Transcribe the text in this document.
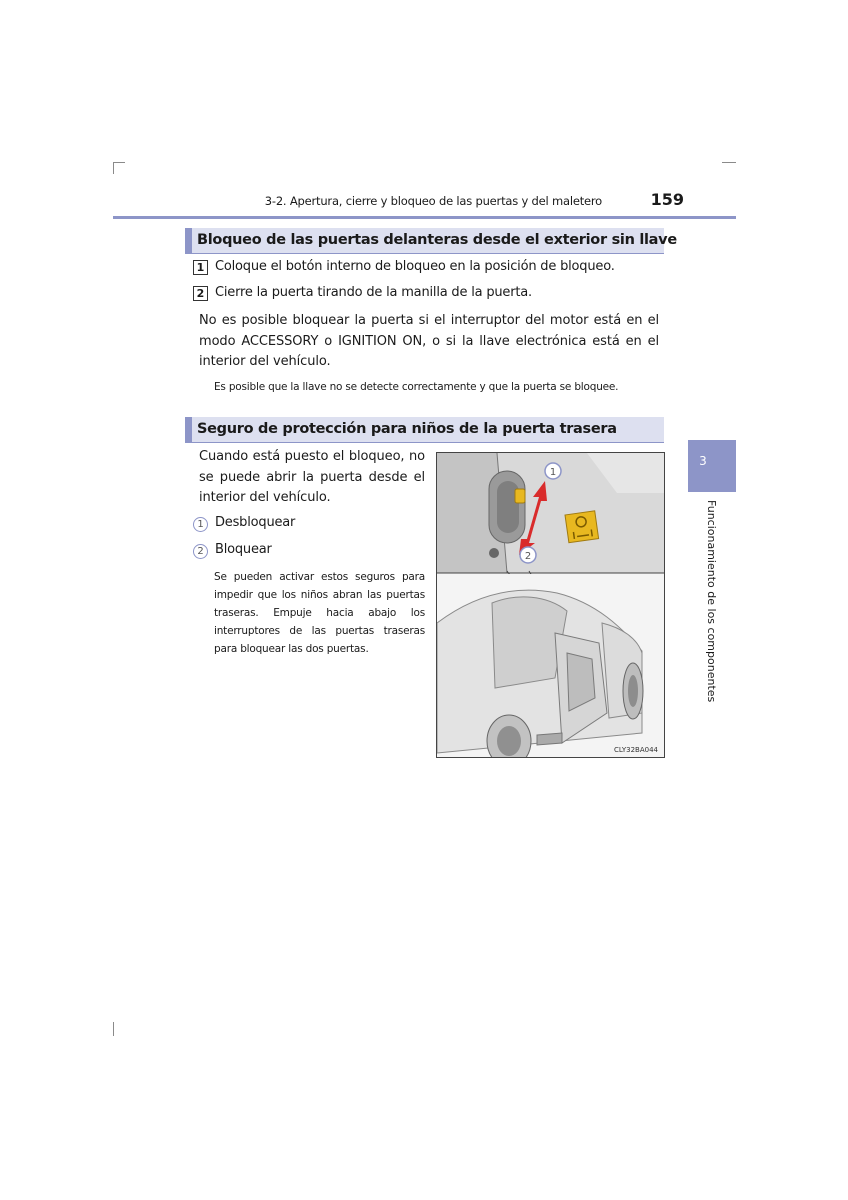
3-2. Apertura, cierre y bloqueo de las puertas y del maletero	159
Bloqueo de las puertas delanteras desde el exterior sin llave
1 Coloque el botón interno de bloqueo en la posición de bloqueo.
2 Cierre la puerta tirando de la manilla de la puerta.
No es posible bloquear la puerta si el interruptor del motor está en el modo ACCESSORY o IGNITION ON, o si la llave electrónica está en el interior del vehículo.
Es posible que la llave no se detecte correctamente y que la puerta se bloquee.
Seguro de protección para niños de la puerta trasera
Cuando está puesto el bloqueo, no se puede abrir la puerta desde el interior del vehículo.
1 Desbloquear
2 Bloquear
Se pueden activar estos seguros para impedir que los niños abran las puertas traseras. Empuje hacia abajo los interruptores de las puertas traseras para bloquear las dos puertas.
1
2
CLY32BA044
3
Funcionamiento de los componentes
